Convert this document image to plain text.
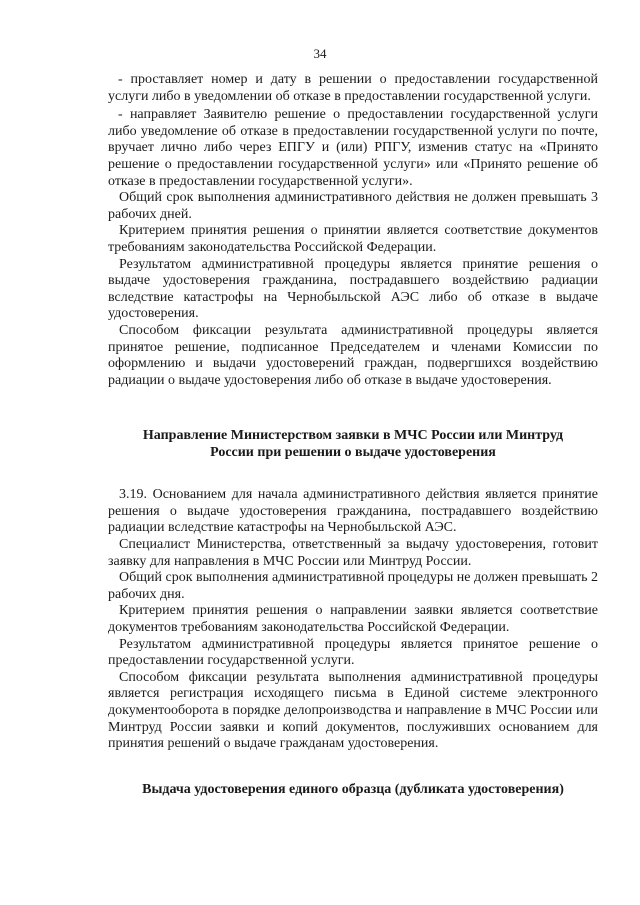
34

- проставляет номер и дату в решении о предоставлении государственной услуги либо в уведомлении об отказе в предоставлении государственной услуги.

- направляет Заявителю решение о предоставлении государственной услуги либо уведомление об отказе в предоставлении государственной услуги по почте, вручает лично либо через ЕПГУ и (или) РПГУ, изменив статус на «Принято решение о предоставлении государственной услуги» или «Принято решение об отказе в предоставлении государственной услуги».

Общий срок выполнения административного действия не должен превышать 3 рабочих дней.

Критерием принятия решения о принятии является соответствие документов требованиям законодательства Российской Федерации.

Результатом административной процедуры является принятие решения о выдаче удостоверения гражданина, пострадавшего воздействию радиации вследствие катастрофы на Чернобыльской АЭС либо об отказе в выдаче удостоверения.

Способом фиксации результата административной процедуры является принятое решение, подписанное Председателем и членами Комиссии по оформлению и выдачи удостоверений граждан, подвергшихся воздействию радиации о выдаче удостоверения либо об отказе в выдаче удостоверения.

Направление Министерством заявки в МЧС России или Минтруд
России при решении о выдаче удостоверения

3.19. Основанием для начала административного действия является принятие решения о выдаче удостоверения гражданина, пострадавшего воздействию радиации вследствие катастрофы на Чернобыльской АЭС.

Специалист Министерства, ответственный за выдачу удостоверения, готовит заявку для направления в МЧС России или Минтруд России.

Общий срок выполнения административной процедуры не должен превышать 2 рабочих дня.

Критерием принятия решения о направлении заявки является соответствие документов требованиям законодательства Российской Федерации.

Результатом административной процедуры является принятое решение о предоставлении государственной услуги.

Способом фиксации результата выполнения административной процедуры является регистрация исходящего письма в Единой системе электронного документооборота в порядке делопроизводства и направление в МЧС России или Минтруд России заявки и копий документов, послуживших основанием для принятия решений о выдаче гражданам удостоверения.

Выдача удостоверения единого образца (дубликата удостоверения)
